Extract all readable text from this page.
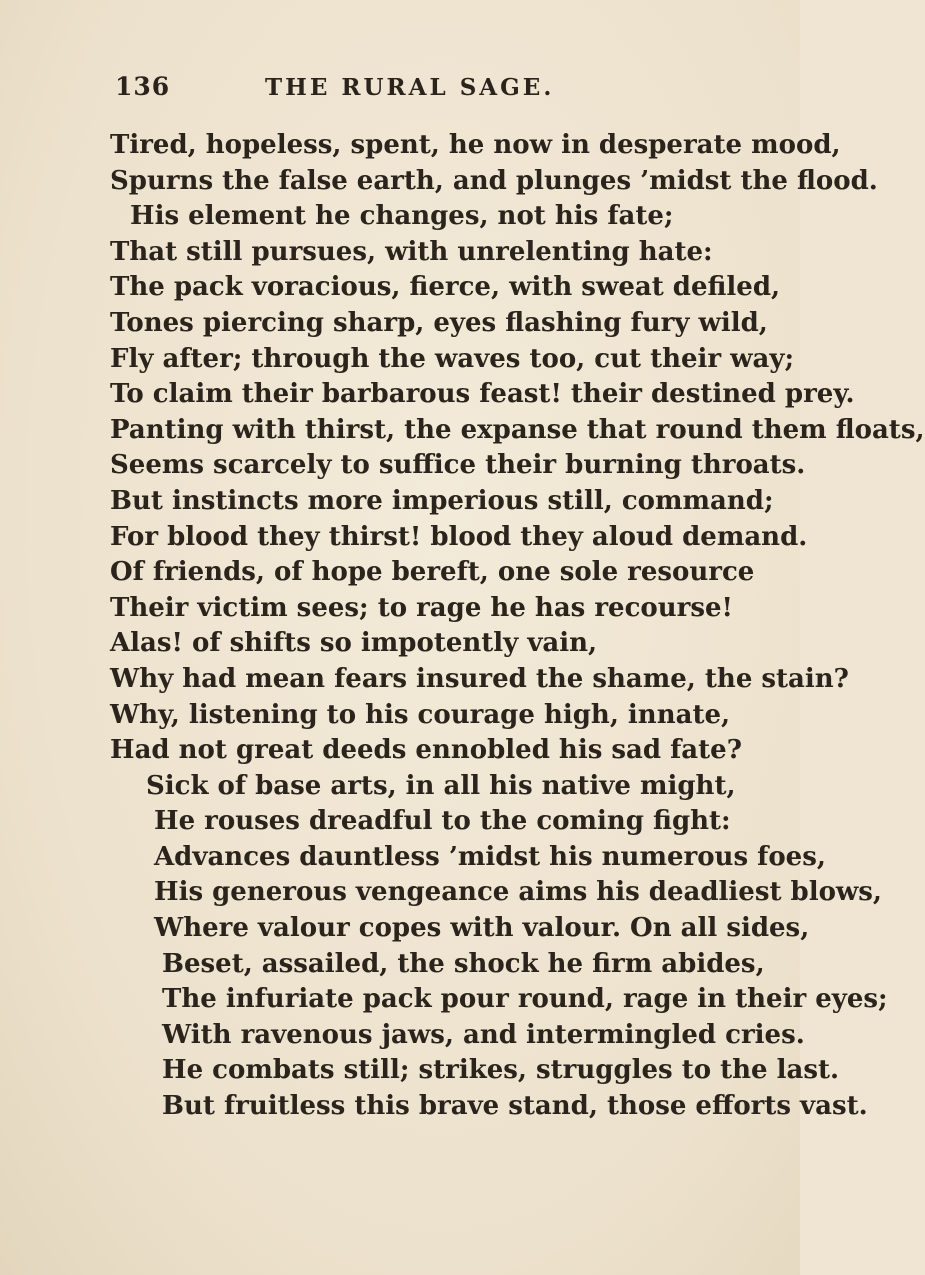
136	THE RURAL SAGE.
Tired, hopeless, spent, he now in desperate mood,
Spurns the false earth, and plunges ’midst the flood.
His element he changes, not his fate;
That still pursues, with unrelenting hate:
The pack voracious, fierce, with sweat defiled,
Tones piercing sharp, eyes flashing fury wild,
Fly after; through the waves too, cut their way;
To claim their barbarous feast! their destined prey.
Panting with thirst, the expanse that round them floats,
Seems scarcely to suffice their burning throats.
But instincts more imperious still, command;
For blood they thirst! blood they aloud demand.
Of friends, of hope bereft, one sole resource
Their victim sees; to rage he has recourse!
Alas! of shifts so impotently vain,
Why had mean fears insured the shame, the stain?
Why, listening to his courage high, innate,
Had not great deeds ennobled his sad fate?
Sick of base arts, in all his native might,
He rouses dreadful to the coming fight:
Advances dauntless ’midst his numerous foes,
His generous vengeance aims his deadliest blows,
Where valour copes with valour. On all sides,
Beset, assailed, the shock he firm abides,
The infuriate pack pour round, rage in their eyes;
With ravenous jaws, and intermingled cries.
He combats still; strikes, struggles to the last.
But fruitless this brave stand, those efforts vast.
